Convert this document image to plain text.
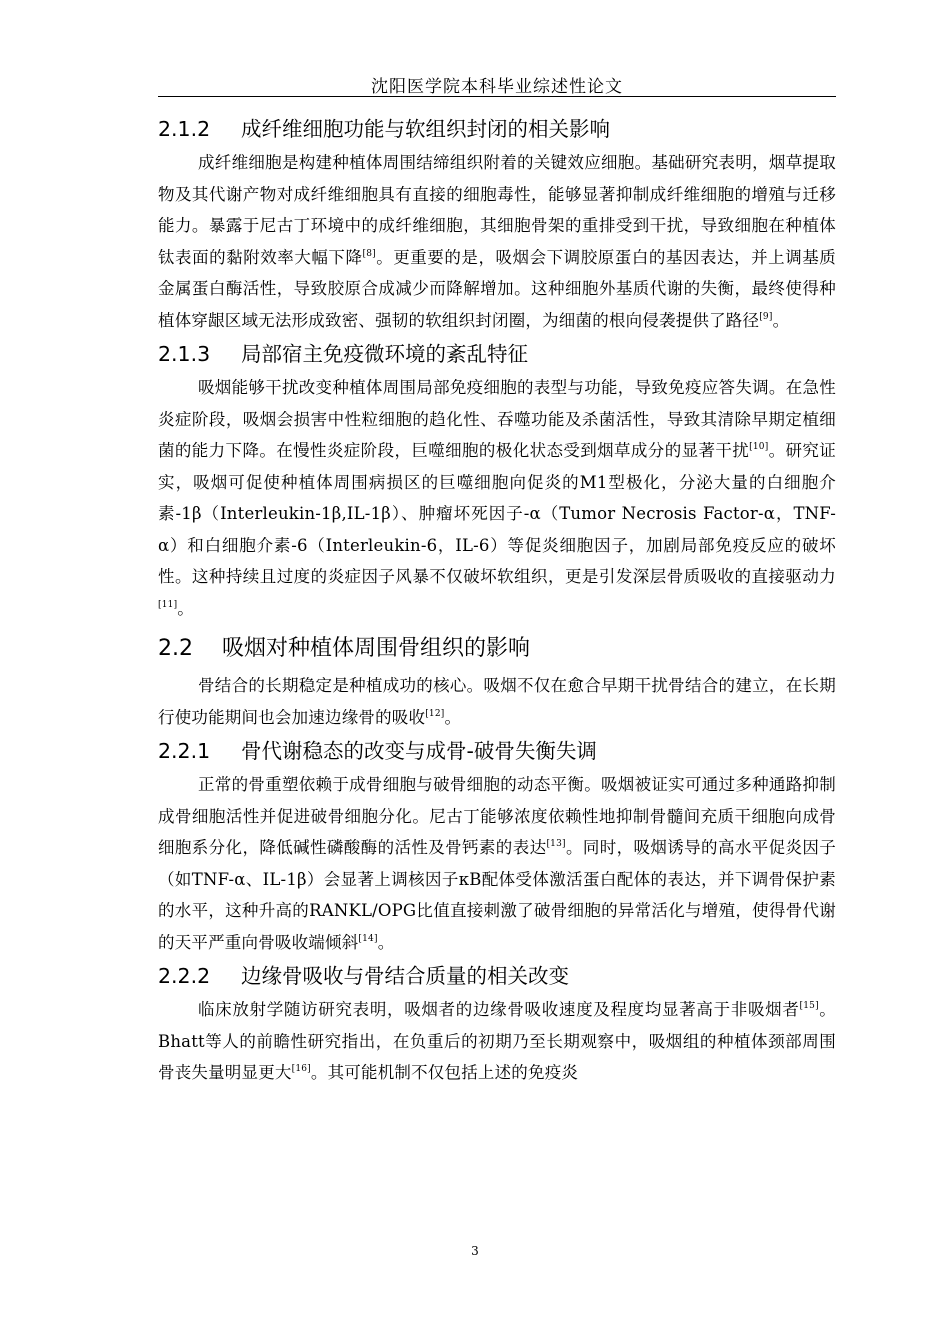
沈阳医学院本科毕业综述性论文
2.1.2 成纤维细胞功能与软组织封闭的相关影响

成纤维细胞是构建种植体周围结缔组织附着的关键效应细胞。基础研究表明，烟草提取物及其代谢产物对成纤维细胞具有直接的细胞毒性，能够显著抑制成纤维细胞的增殖与迁移能力。暴露于尼古丁环境中的成纤维细胞，其细胞骨架的重排受到干扰，导致细胞在种植体钛表面的黏附效率大幅下降[8]。更重要的是，吸烟会下调胶原蛋白的基因表达，并上调基质金属蛋白酶活性，导致胶原合成减少而降解增加。这种细胞外基质代谢的失衡，最终使得种植体穿龈区域无法形成致密、强韧的软组织封闭圈，为细菌的根向侵袭提供了路径[9]。

2.1.3 局部宿主免疫微环境的紊乱特征

吸烟能够干扰改变种植体周围局部免疫细胞的表型与功能，导致免疫应答失调。在急性炎症阶段，吸烟会损害中性粒细胞的趋化性、吞噬功能及杀菌活性，导致其清除早期定植细菌的能力下降。在慢性炎症阶段，巨噬细胞的极化状态受到烟草成分的显著干扰[10]。研究证实，吸烟可促使种植体周围病损区的巨噬细胞向促炎的M1型极化，分泌大量的白细胞介素-1β（Interleukin-1β,IL-1β）、肿瘤坏死因子-α（Tumor Necrosis Factor-α，TNF-α）和白细胞介素-6（Interleukin-6，IL-6）等促炎细胞因子，加剧局部免疫反应的破坏性。这种持续且过度的炎症因子风暴不仅破坏软组织，更是引发深层骨质吸收的直接驱动力[11]。

2.2 吸烟对种植体周围骨组织的影响

骨结合的长期稳定是种植成功的核心。吸烟不仅在愈合早期干扰骨结合的建立，在长期行使功能期间也会加速边缘骨的吸收[12]。

2.2.1 骨代谢稳态的改变与成骨-破骨失衡失调

正常的骨重塑依赖于成骨细胞与破骨细胞的动态平衡。吸烟被证实可通过多种通路抑制成骨细胞活性并促进破骨细胞分化。尼古丁能够浓度依赖性地抑制骨髓间充质干细胞向成骨细胞系分化，降低碱性磷酸酶的活性及骨钙素的表达[13]。同时，吸烟诱导的高水平促炎因子（如TNF-α、IL-1β）会显著上调核因子κB配体受体激活蛋白配体的表达，并下调骨保护素的水平，这种升高的RANKL/OPG比值直接刺激了破骨细胞的异常活化与增殖，使得骨代谢的天平严重向骨吸收端倾斜[14]。

2.2.2 边缘骨吸收与骨结合质量的相关改变

临床放射学随访研究表明，吸烟者的边缘骨吸收速度及程度均显著高于非吸烟者[15]。Bhatt等人的前瞻性研究指出，在负重后的初期乃至长期观察中，吸烟组的种植体颈部周围骨丧失量明显更大[16]。其可能机制不仅包括上述的免疫炎

3
